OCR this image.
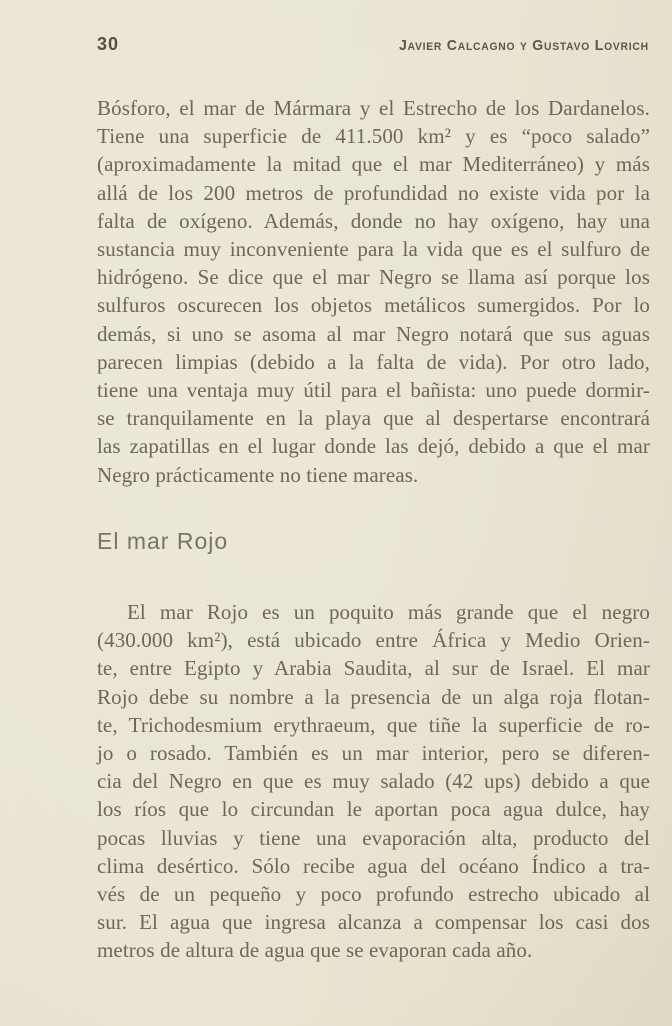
30	Javier Calcagno y Gustavo Lovrich
Bósforo, el mar de Mármara y el Estrecho de los Dardanelos.
Tiene una superficie de 411.500 km² y es “poco salado”
(aproximadamente la mitad que el mar Mediterráneo) y más
allá de los 200 metros de profundidad no existe vida por la
falta de oxígeno. Además, donde no hay oxígeno, hay una
sustancia muy inconveniente para la vida que es el sulfuro de
hidrógeno. Se dice que el mar Negro se llama así porque los
sulfuros oscurecen los objetos metálicos sumergidos. Por lo
demás, si uno se asoma al mar Negro notará que sus aguas
parecen limpias (debido a la falta de vida). Por otro lado,
tiene una ventaja muy útil para el bañista: uno puede dormir-
se tranquilamente en la playa que al despertarse encontrará
las zapatillas en el lugar donde las dejó, debido a que el mar
Negro prácticamente no tiene mareas.
El mar Rojo
El mar Rojo es un poquito más grande que el negro
(430.000 km²), está ubicado entre África y Medio Orien-
te, entre Egipto y Arabia Saudita, al sur de Israel. El mar
Rojo debe su nombre a la presencia de un alga roja flotan-
te, Trichodesmium erythraeum, que tiñe la superficie de ro-
jo o rosado. También es un mar interior, pero se diferen-
cia del Negro en que es muy salado (42 ups) debido a que
los ríos que lo circundan le aportan poca agua dulce, hay
pocas lluvias y tiene una evaporación alta, producto del
clima desértico. Sólo recibe agua del océano Índico a tra-
vés de un pequeño y poco profundo estrecho ubicado al
sur. El agua que ingresa alcanza a compensar los casi dos
metros de altura de agua que se evaporan cada año.
